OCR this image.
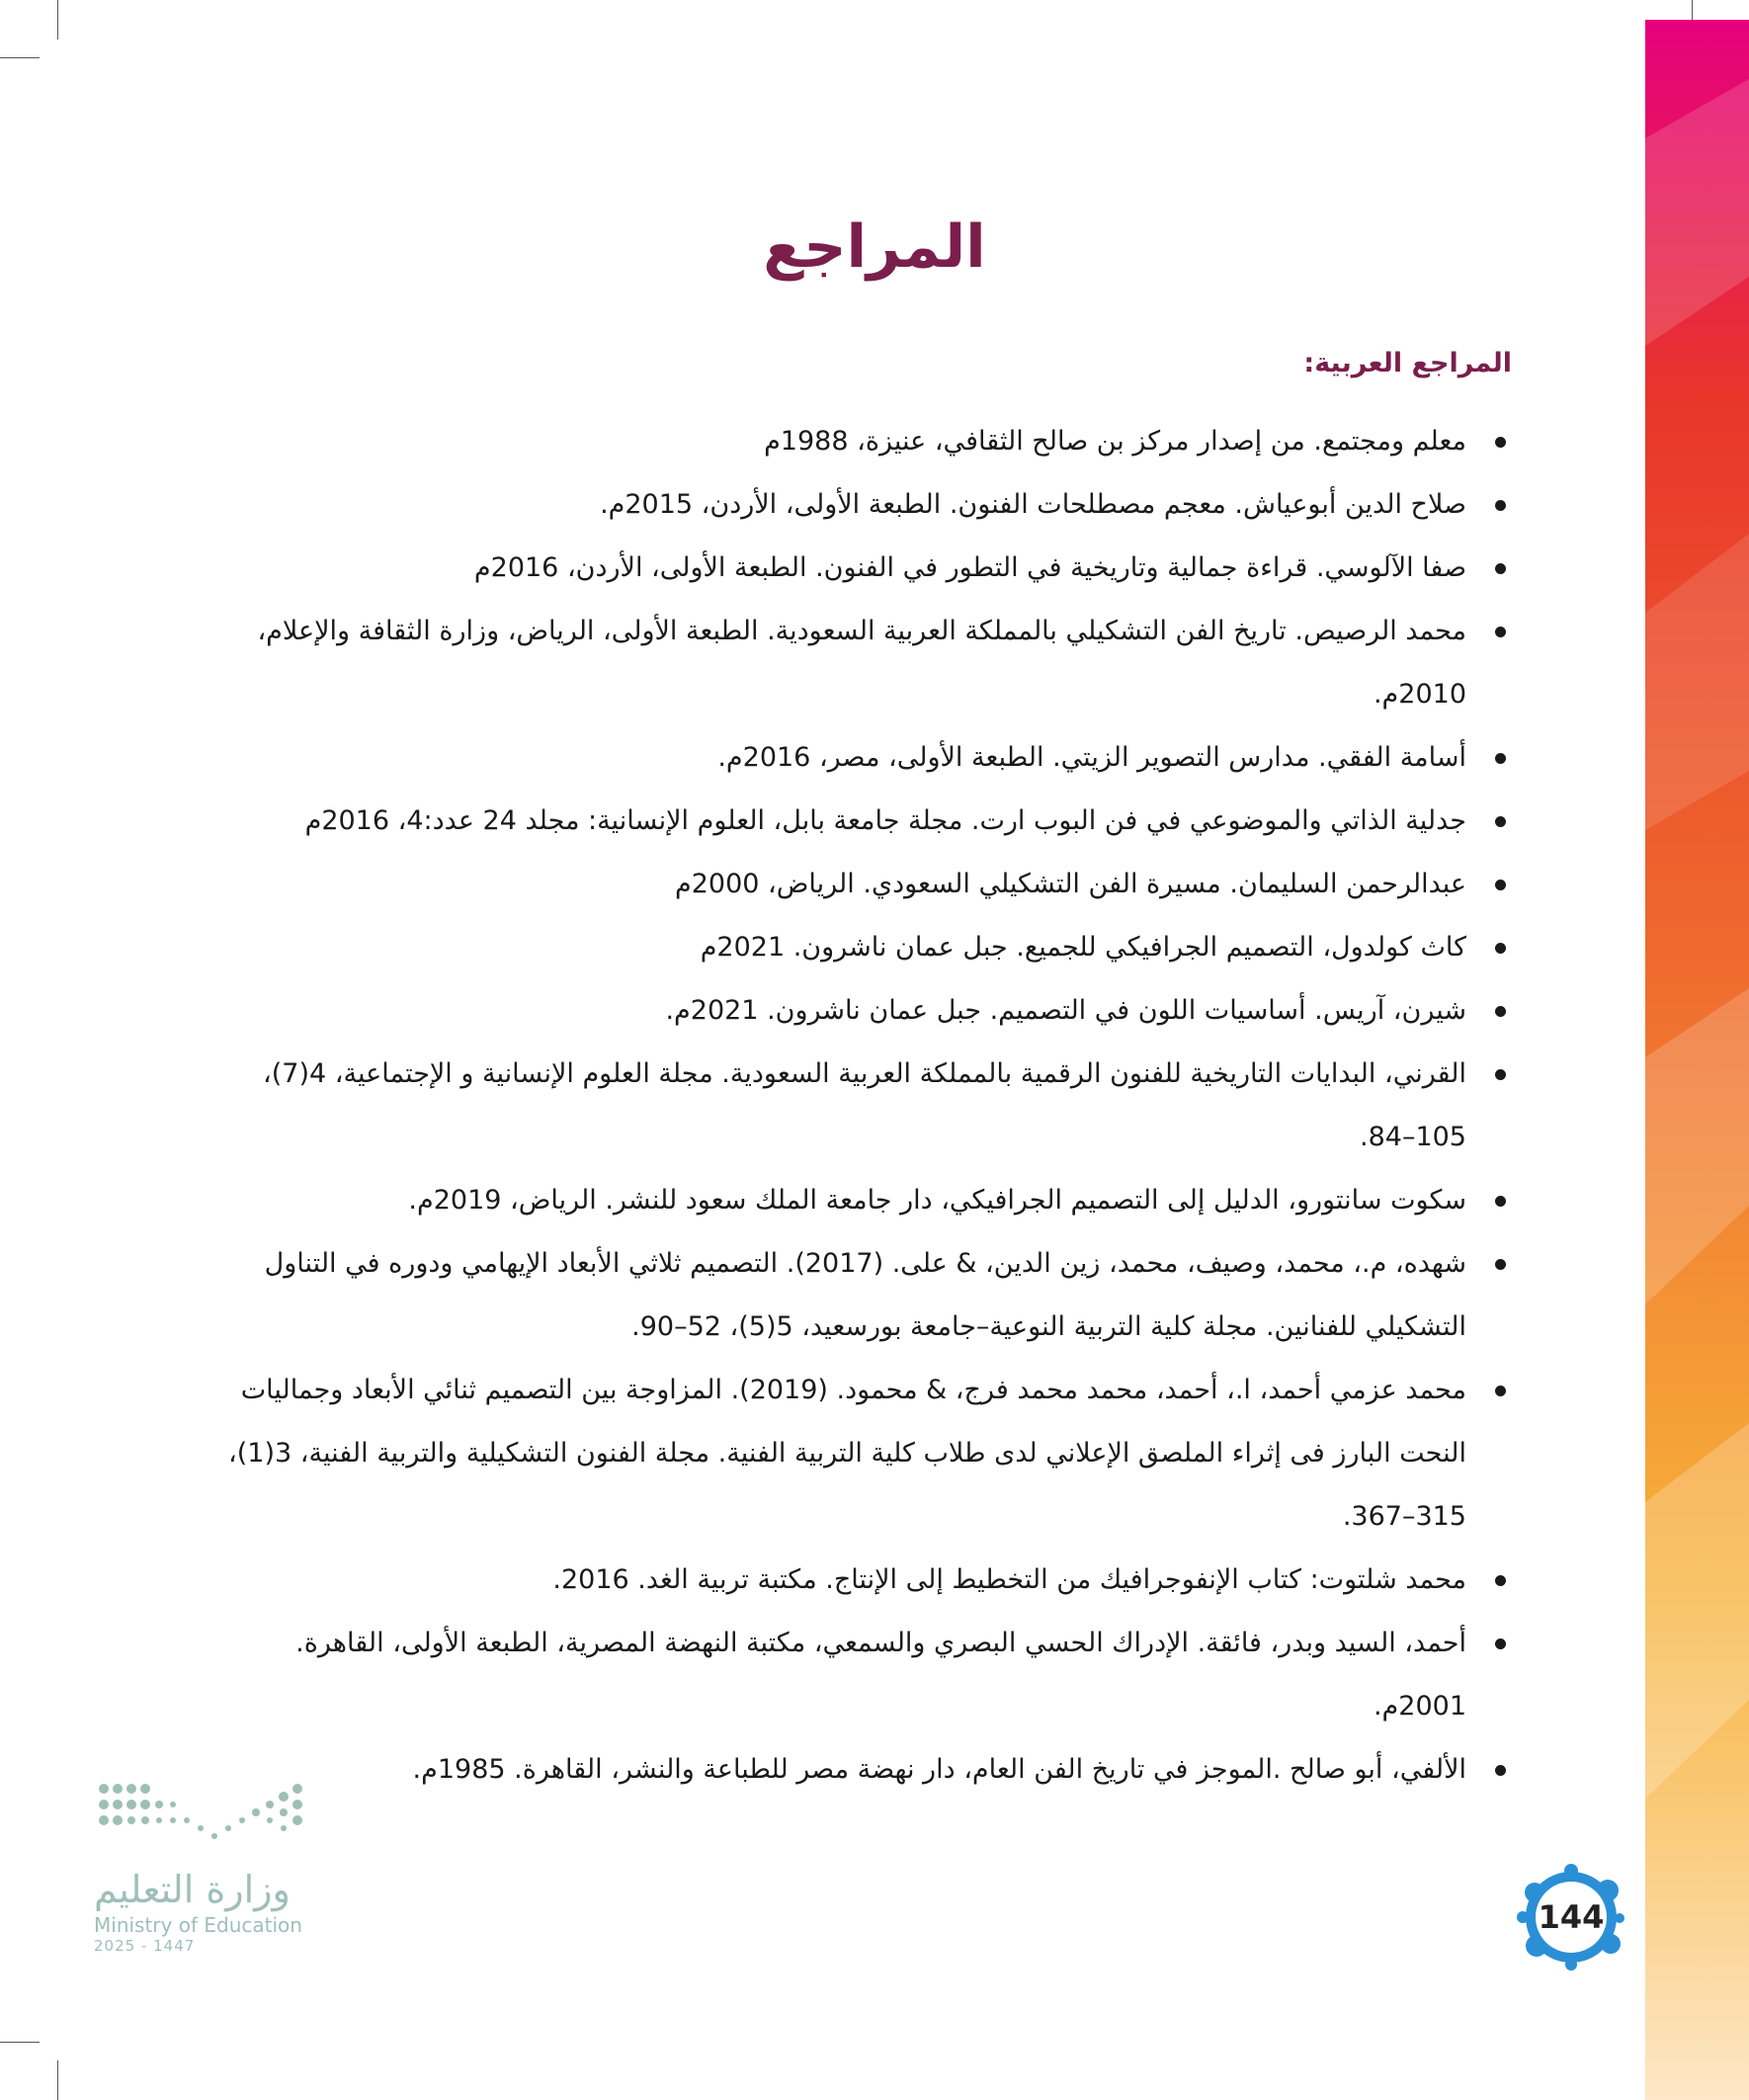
المراجع
المراجع العربية:
معلم ومجتمع. من إصدار مركز بن صالح الثقافي، عنيزة، 1988م
صلاح الدين أبوعياش. معجم مصطلحات الفنون. الطبعة الأولى، الأردن، 2015م.
صفا الآلوسي. قراءة جمالية وتاريخية في التطور في الفنون. الطبعة الأولى، الأردن، 2016م
محمد الرصيص. تاريخ الفن التشكيلي بالمملكة العربية السعودية. الطبعة الأولى، الرياض، وزارة الثقافة والإعلام، 2010م.
أسامة الفقي. مدارس التصوير الزيتي. الطبعة الأولى، مصر، 2016م.
جدلية الذاتي والموضوعي في فن البوب ارت. مجلة جامعة بابل، العلوم الإنسانية: مجلد 24 عدد:4، 2016م
عبدالرحمن السليمان. مسيرة الفن التشكيلي السعودي. الرياض، 2000م
كاث كولدول، التصميم الجرافيكي للجميع. جبل عمان ناشرون. 2021م
شيرن، آريس. أساسيات اللون في التصميم. جبل عمان ناشرون. 2021م.
القرني، البدايات التاريخية للفنون الرقمية بالمملكة العربية السعودية. مجلة العلوم الإنسانية و الإجتماعية، 4(7)، 105–84.
سكوت سانتورو، الدليل إلى التصميم الجرافيكي، دار جامعة الملك سعود للنشر. الرياض، 2019م.
شهده، م.، محمد، وصيف، محمد، زين الدين، & على. (2017). التصميم ثلاثي الأبعاد الإيهامي ودوره في التناول التشكيلي للفنانين. مجلة كلية التربية النوعية–جامعة بورسعيد، 5(5)، 52–90.
محمد عزمي أحمد، ا.، أحمد، محمد محمد فرج، & محمود. (2019). المزاوجة بين التصميم ثنائي الأبعاد وجماليات النحت البارز فى إثراء الملصق الإعلاني لدى طلاب كلية التربية الفنية. مجلة الفنون التشكيلية والتربية الفنية، 3(1)، 315–367.
محمد شلتوت: كتاب الإنفوجرافيك من التخطيط إلى الإنتاج. مكتبة تربية الغد. 2016.
أحمد، السيد وبدر، فائقة. الإدراك الحسي البصري والسمعي، مكتبة النهضة المصرية، الطبعة الأولى، القاهرة. 2001م.
الألفي، أبو صالح .الموجز في تاريخ الفن العام، دار نهضة مصر للطباعة والنشر، القاهرة. 1985م.
وزارة التعليم
Ministry of Education
2025 - 1447
144
